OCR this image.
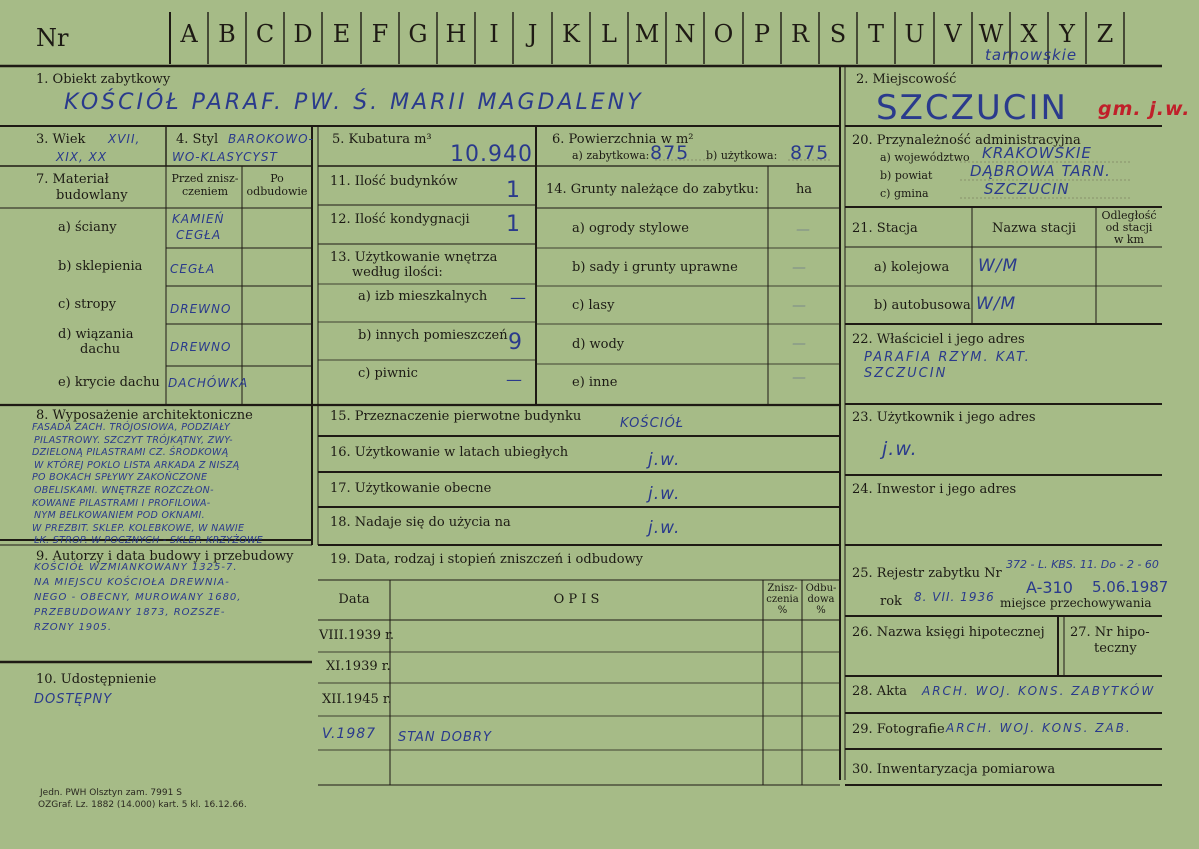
Nr	A B C D E F G H I	J	K L M N O P R S T U V W X Y Z
tarnowskie
1. Obiekt zabytkowy
KOŚCIÓŁ PARAF. PW. Ś. MARII MAGDALENY
2. Miejscowość
SZCZUCIN gm. j.w.
3. Wiek XVII,
XIX, XX
4. Styl BAROKOWO-
WO-KLASYCYST
5. Kubatura m³
10.940
6. Powierzchnia w m²
a) zabytkowa: 875 b) użytkowa: 875
7. Materiał
budowlany
Przed znisz-
czeniem
Po
odbudowie
a) ściany
KAMIEŃ
CEGŁA
b) sklepienia CEGŁA
c) stropy	DREWNO
d) wiązania
dachu	DREWNO
e) krycie dachu DACHÓWKA
11. Ilość budynków 1
12. Ilość kondygnacji 1
13. Użytkowanie wnętrza
według ilości:
a) izb mieszkalnych —
b) innych pomieszczeń 9
c) piwnic	—
14. Grunty należące do zabytku:	ha
a) ogrody stylowe	—
b) sady i grunty uprawne	—
c) lasy	—
d) wody	—
e) inne	—
8. Wyposażenie architektoniczne
FASADA ZACH. TRÓJOSIOWA, PODZIAŁY
PILASTROWY. SZCZYT TRÓJKĄTNY, ZWY-
DZIELONĄ PILASTRAMI CZ. ŚRODKOWĄ
W KTÓREJ POKLO LISTA ARKADA Z NISZĄ
PO BOKACH SPŁYWY ZAKOŃCZONE
OBELISKAMI. WNĘTRZE ROZCZŁON-
KOWANE PILASTRAMI I PROFILOWA-
NYM BELKOWANIEM POD OKNAMI.
W PREZBIT. SKLEP. KOLEBKOWE, W NAWIE
ŁK. STROP. W POCZNYCH - SKLEP. KRZYŻOWE
9. Autorzy i data budowy i przebudowy
KOŚCIÓŁ WZMIANKOWANY 1325-7.
NA MIEJSCU KOŚCIOŁA DREWNIA-
NEGO - OBECNY, MUROWANY 1680,
PRZEBUDOWANY 1873, ROZSZE-
RZONY 1905.
10. Udostępnienie
DOSTĘPNY
15. Przeznaczenie pierwotne budynku	KOŚCIÓŁ
16. Użytkowanie w latach ubiegłych	j.w.
17. Użytkowanie obecne	j.w.
18. Nadaje się do użycia na	j.w.
19. Data, rodzaj i stopień zniszczeń i odbudowy
Data	O P I S
Znisz-
czenia
%
Odbu-
dowa
%
VIII.1939 r.
XI.1939 r.
XII.1945 r.
V.1987 STAN DOBRY
20. Przynależność administracyjna
a) województwo KRAKOWSKIE
b) powiat	DĄBROWA TARN.
c) gmina	SZCZUCIN
21. Stacja	Nazwa stacji
Odległość
od stacji
w km
a) kolejowa W/M
b) autobusowa W/M
22. Właściciel i jego adres
PARAFIA RZYM. KAT.
SZCZUCIN
23. Użytkownik i jego adres
j.w.
24. Inwestor i jego adres
25. Rejestr zabytku Nr
372 - L. KBS. 11. Do - 2 - 60
A-310 5.06.1987
rok 8. VII. 1936 miejsce przechowywania
26. Nazwa księgi hipotecznej 27. Nr hipo-
teczny
28. Akta ARCH. WOJ. KONS. ZABYTKÓW
29. Fotografie ARCH. WOJ. KONS. ZAB.
30. Inwentaryzacja pomiarowa
Jedn. PWH Olsztyn zam. 7991 S
OZGraf. Lz. 1882 (14.000) kart. 5 kl. 16.12.66.
